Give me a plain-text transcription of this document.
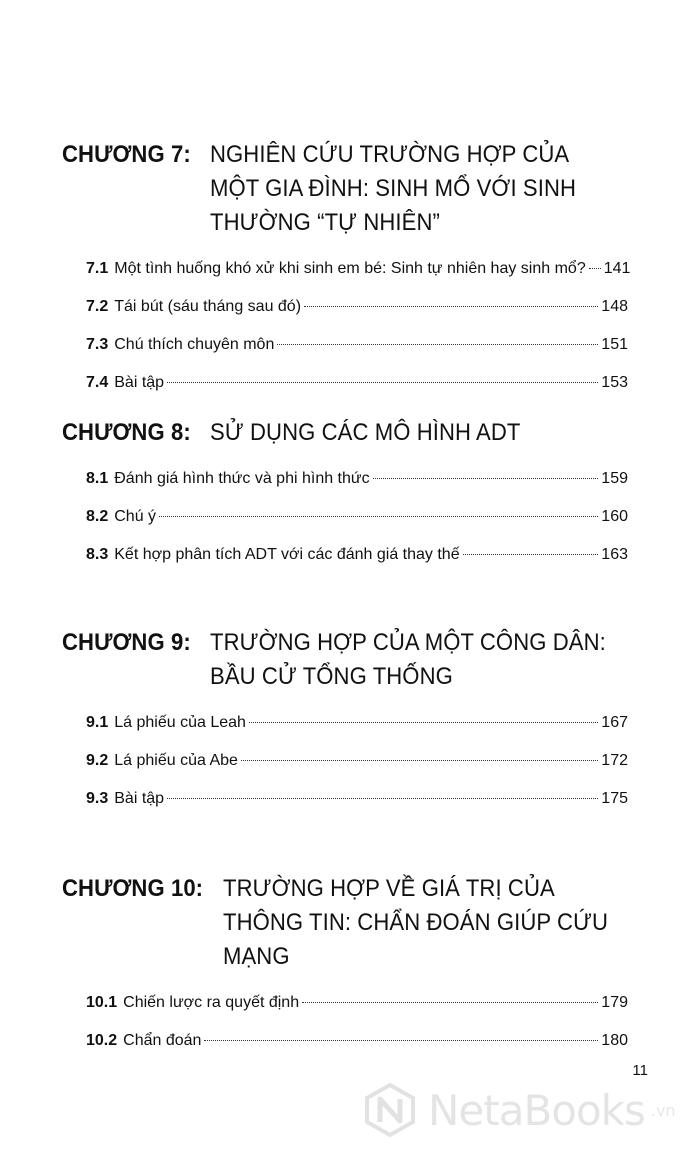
CHƯƠNG 7: NGHIÊN CỨU TRƯỜNG HỢP CỦA MỘT GIA ĐÌNH: SINH MỔ VỚI SINH THƯỜNG “TỰ NHIÊN”
7.1 Một tình huống khó xử khi sinh em bé: Sinh tự nhiên hay sinh mổ? 141
7.2 Tái bút (sáu tháng sau đó)	148
7.3 Chú thích chuyên môn	151
7.4 Bài tập	153
CHƯƠNG 8: SỬ DỤNG CÁC MÔ HÌNH ADT
8.1 Đánh giá hình thức và phi hình thức	159
8.2 Chú ý	160
8.3 Kết hợp phân tích ADT với các đánh giá thay thế	163
CHƯƠNG 9: TRƯỜNG HỢP CỦA MỘT CÔNG DÂN: BẦU CỬ TỔNG THỐNG
9.1 Lá phiếu của Leah	167
9.2 Lá phiếu của Abe	172
9.3 Bài tập	175
CHƯƠNG 10: TRƯỜNG HỢP VỀ GIÁ TRỊ CỦA THÔNG TIN: CHẨN ĐOÁN GIÚP CỨU MẠNG
10.1 Chiến lược ra quyết định	179
10.2 Chẩn đoán	180
11
NetaBooks .vn
